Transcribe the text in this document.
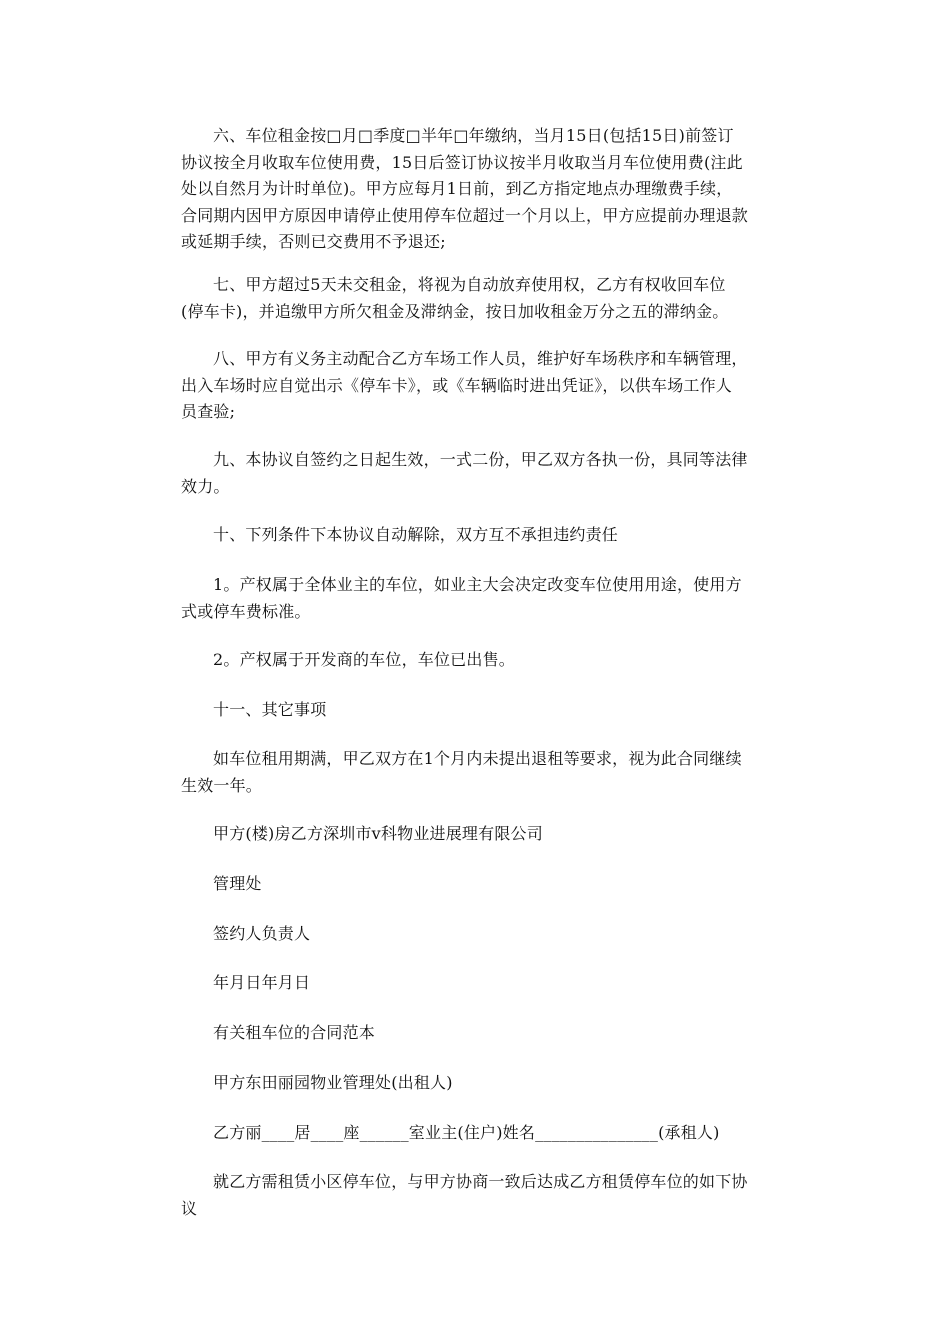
六、车位租金按□月□季度□半年□年缴纳，当月15日(包括15日)前签订
协议按全月收取车位使用费，15日后签订协议按半月收取当月车位使用费(注此
处以自然月为计时单位)。甲方应每月1日前，到乙方指定地点办理缴费手续，
合同期内因甲方原因申请停止使用停车位超过一个月以上，甲方应提前办理退款
或延期手续，否则已交费用不予退还;

七、甲方超过5天未交租金，将视为自动放弃使用权，乙方有权收回车位
(停车卡)，并追缴甲方所欠租金及滞纳金，按日加收租金万分之五的滞纳金。

八、甲方有义务主动配合乙方车场工作人员，维护好车场秩序和车辆管理，
出入车场时应自觉出示《停车卡》，或《车辆临时进出凭证》，以供车场工作人
员查验;

九、本协议自签约之日起生效，一式二份，甲乙双方各执一份，具同等法律
效力。

十、下列条件下本协议自动解除，双方互不承担违约责任

1。产权属于全体业主的车位，如业主大会决定改变车位使用用途，使用方
式或停车费标准。

2。产权属于开发商的车位，车位已出售。

十一、其它事项

如车位租用期满，甲乙双方在1个月内未提出退租等要求，视为此合同继续
生效一年。

甲方(楼)房乙方深圳市v科物业进展理有限公司

管理处

签约人负责人

年月日年月日

有关租车位的合同范本

甲方东田丽园物业管理处(出租人)

乙方丽____居____座______室业主(住户)姓名_______________(承租人)

就乙方需租赁小区停车位，与甲方协商一致后达成乙方租赁停车位的如下协
议
